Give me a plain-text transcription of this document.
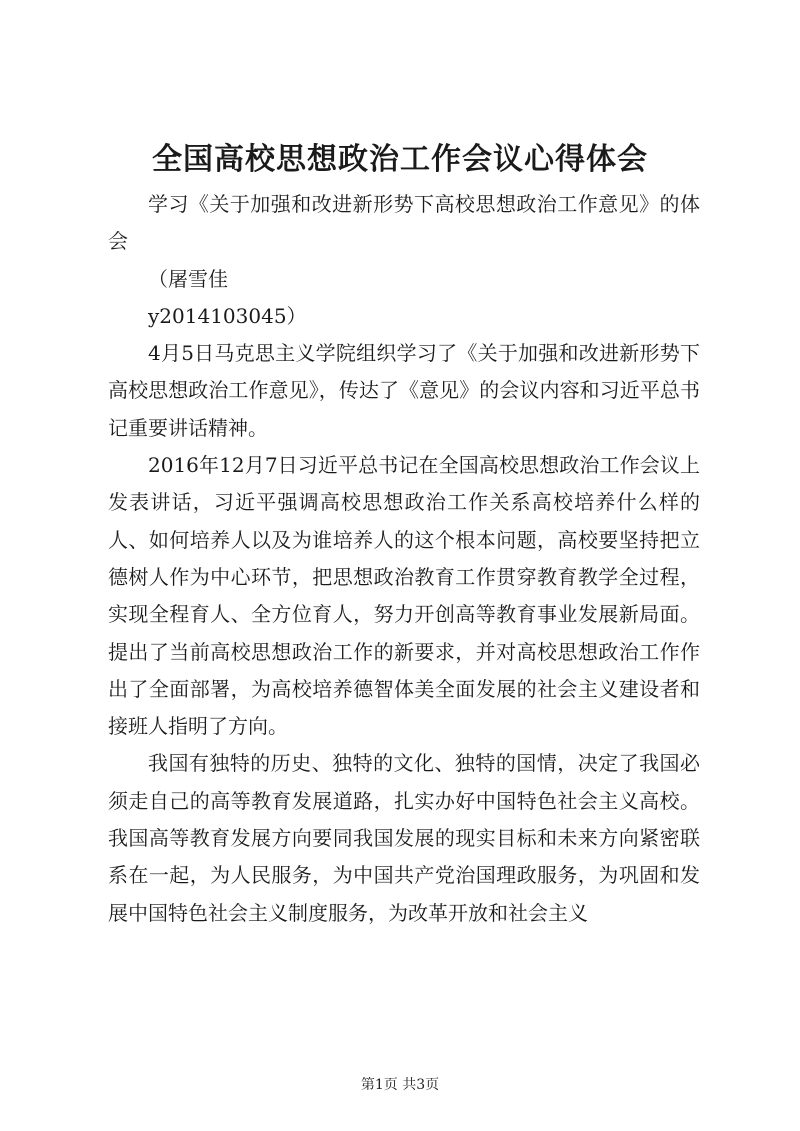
全国高校思想政治工作会议心得体会

学习《关于加强和改进新形势下高校思想政治工作意见》的体会

（屠雪佳

y2014103045）

4月5日马克思主义学院组织学习了《关于加强和改进新形势下高校思想政治工作意见》，传达了《意见》的会议内容和习近平总书记重要讲话精神。

2016年12月7日习近平总书记在全国高校思想政治工作会议上发表讲话，习近平强调高校思想政治工作关系高校培养什么样的人、如何培养人以及为谁培养人的这个根本问题，高校要坚持把立德树人作为中心环节，把思想政治教育工作贯穿教育教学全过程，实现全程育人、全方位育人，努力开创高等教育事业发展新局面。提出了当前高校思想政治工作的新要求，并对高校思想政治工作作出了全面部署，为高校培养德智体美全面发展的社会主义建设者和接班人指明了方向。

我国有独特的历史、独特的文化、独特的国情，决定了我国必须走自己的高等教育发展道路，扎实办好中国特色社会主义高校。我国高等教育发展方向要同我国发展的现实目标和未来方向紧密联系在一起，为人民服务，为中国共产党治国理政服务，为巩固和发展中国特色社会主义制度服务，为改革开放和社会主义

第1页 共3页
